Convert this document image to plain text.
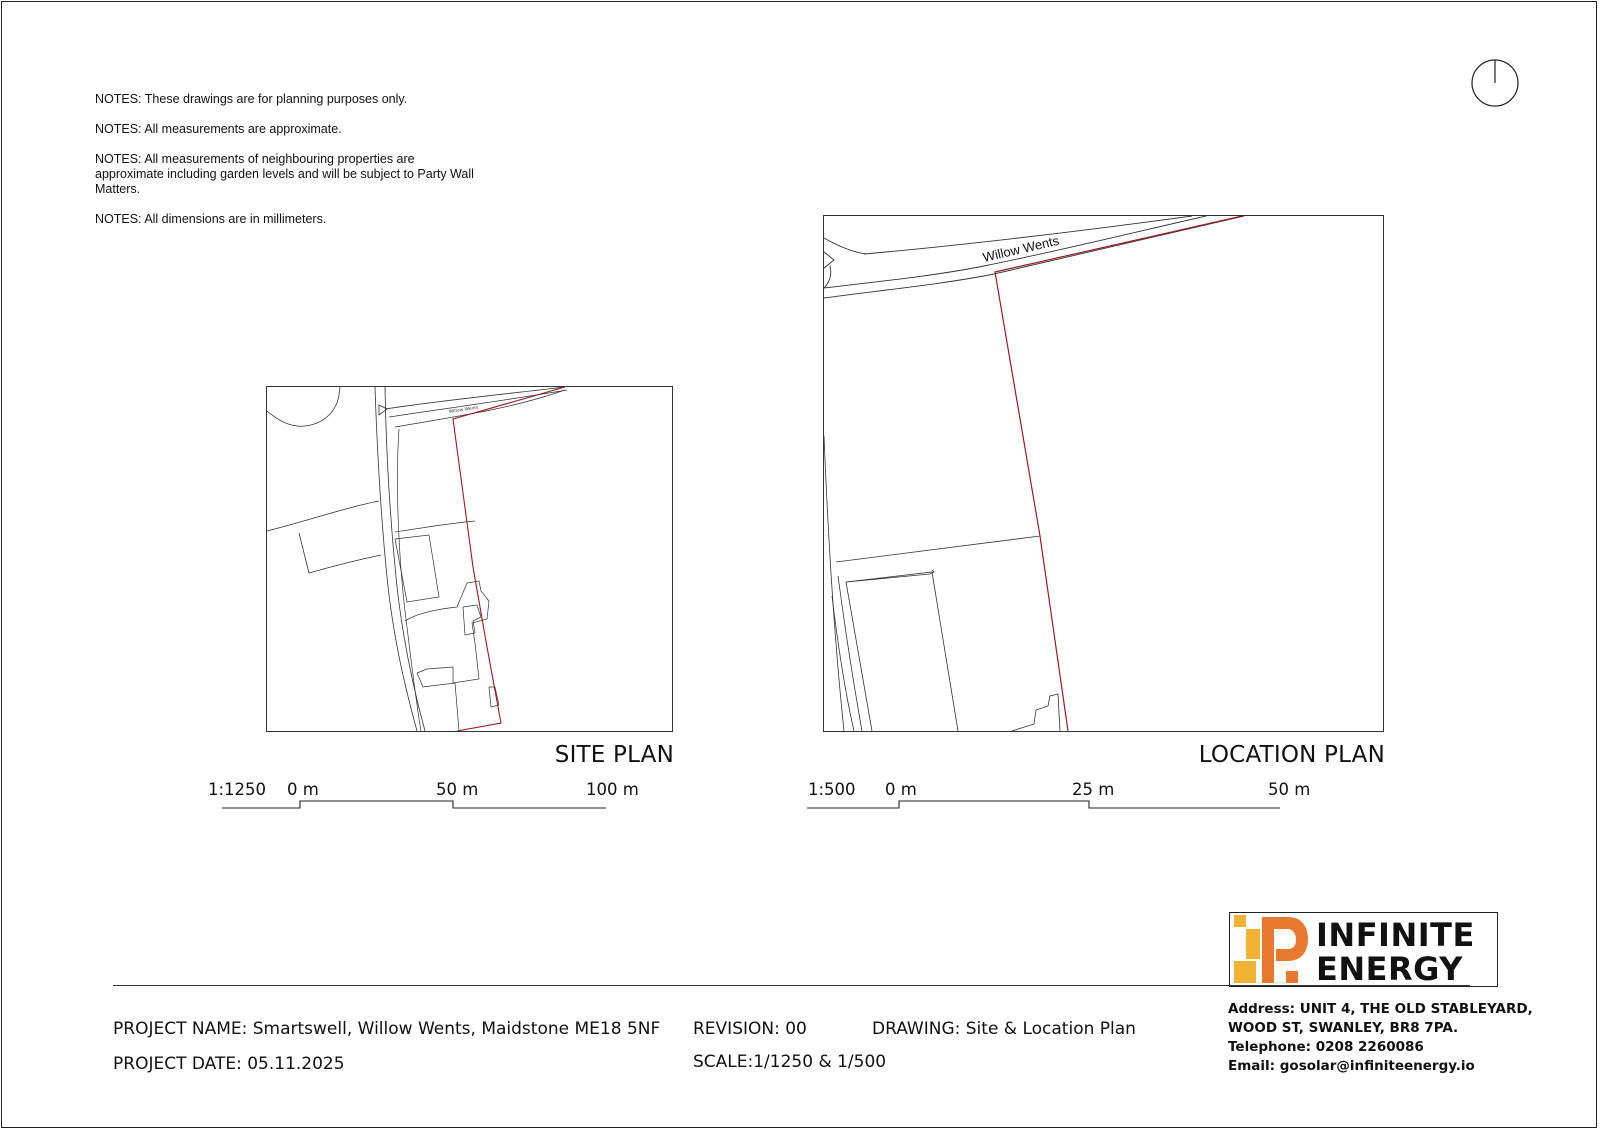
NOTES: These drawings are for planning purposes only.

NOTES: All measurements are approximate.

NOTES: All measurements of neighbouring properties are approximate including garden levels and will be subject to Party Wall Matters.

NOTES: All dimensions are in millimeters.

Willow Wents
SITE PLAN
1:1250 0 m	50 m	100 m
Willow Wents
LOCATION PLAN
1:500 0 m	25 m	50 m
INFINITE
ENERGY
PROJECT NAME: Smartswell, Willow Wents, Maidstone ME18 5NF
PROJECT DATE: 05.11.2025
REVISION: 00
SCALE:1/1250 & 1/500
DRAWING: Site & Location Plan
Address: UNIT 4, THE OLD STABLEYARD,
WOOD ST, SWANLEY, BR8 7PA.
Telephone: 0208 2260086
Email: gosolar@infiniteenergy.io
